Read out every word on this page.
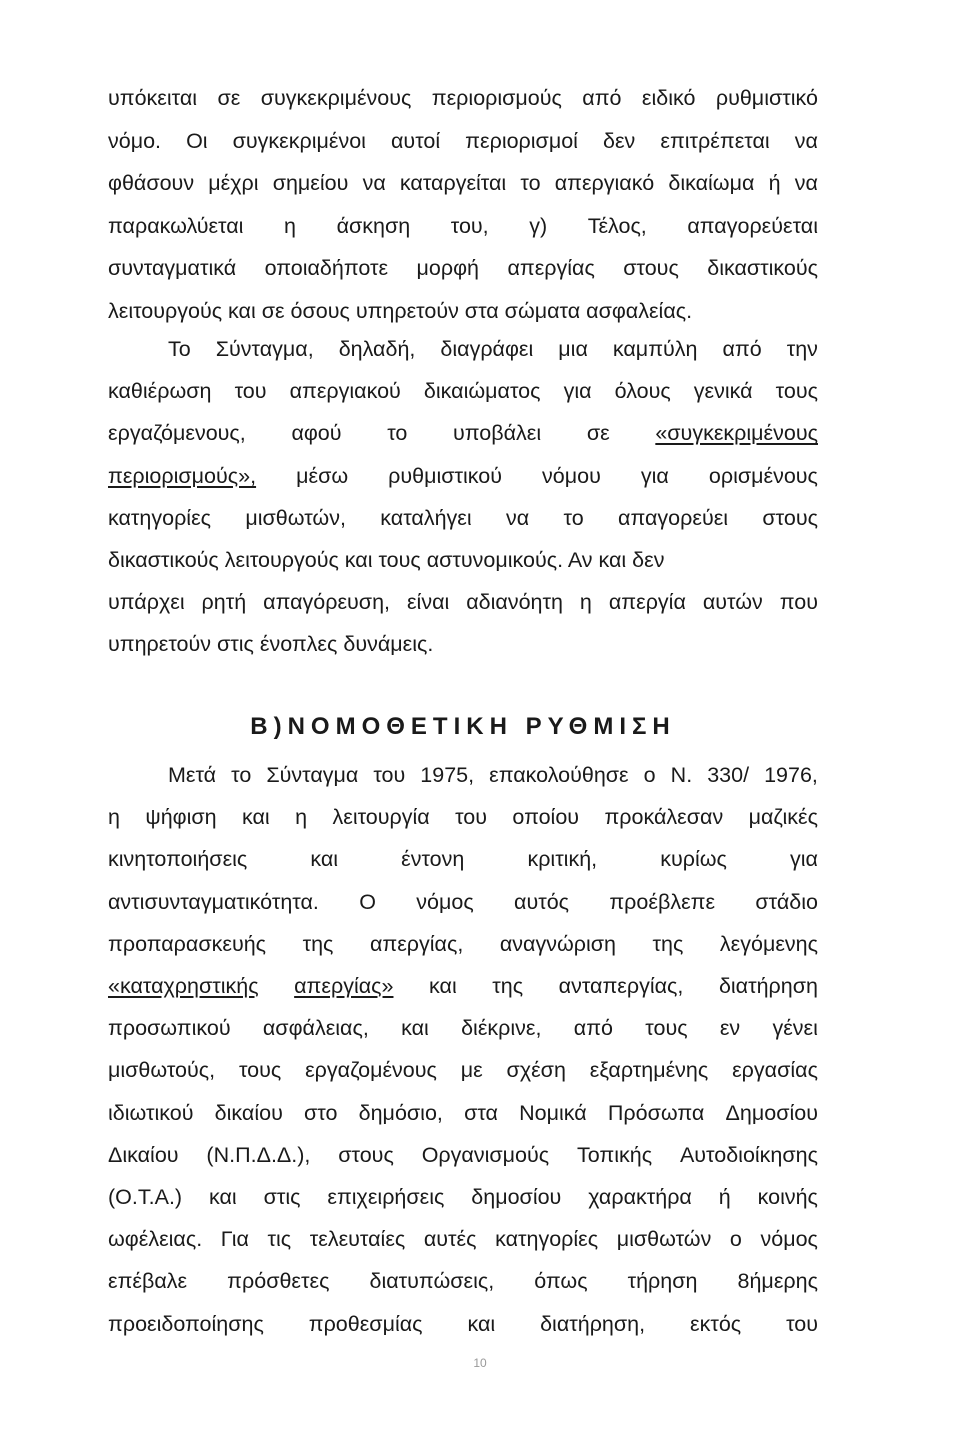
υπόκειται σε συγκεκριμένους περιορισμούς από ειδικό ρυθμιστικό
νόμο. Οι συγκεκριμένοι αυτοί περιορισμοί δεν επιτρέπεται να
φθάσουν μέχρι σημείου να καταργείται το απεργιακό δικαίωμα ή να
παρακωλύεται η άσκηση του, γ) Τέλος, απαγορεύεται
συνταγματικά οποιαδήποτε μορφή απεργίας στους δικαστικούς
λειτουργούς και σε όσους υπηρετούν στα σώματα ασφαλείας.
Το Σύνταγμα, δηλαδή, διαγράφει μια καμπύλη από την
καθιέρωση του απεργιακού δικαιώματος για όλους γενικά τους
εργαζόμενους, αφού το υποβάλει σε «συγκεκριμένους
περιορισμούς», μέσω ρυθμιστικού νόμου για ορισμένους
κατηγορίες μισθωτών, καταλήγει να το απαγορεύει στους
δικαστικούς λειτουργούς και τους αστυνομικούς. Αν και δεν
υπάρχει ρητή απαγόρευση, είναι αδιανόητη η απεργία αυτών που
υπηρετούν στις ένοπλες δυνάμεις.
Β)ΝΟΜΟΘΕΤΙΚΗ ΡΥΘΜΙΣΗ
Μετά το Σύνταγμα του 1975, επακολούθησε ο Ν. 330/ 1976,
η ψήφιση και η λειτουργία του οποίου προκάλεσαν μαζικές
κινητοποιήσεις	και	έντονη	κριτική,	κυρίως	για
αντισυνταγματικότητα. Ο νόμος αυτός προέβλεπε στάδιο
προπαρασκευής της απεργίας, αναγνώριση της λεγόμενης
«καταχρηστικής απεργίας» και της ανταπεργίας, διατήρηση
προσωπικού ασφάλειας, και διέκρινε, από τους εν γένει
μισθωτούς, τους εργαζομένους με σχέση εξαρτημένης εργασίας
ιδιωτικού δικαίου στο δημόσιο, στα Νομικά Πρόσωπα Δημοσίου
Δικαίου (Ν.Π.Δ.Δ.), στους Οργανισμούς Τοπικής Αυτοδιοίκησης
(Ο.Τ.Α.) και στις επιχειρήσεις δημοσίου χαρακτήρα ή κοινής
ωφέλειας. Για τις τελευταίες αυτές κατηγορίες μισθωτών ο νόμος
επέβαλε πρόσθετες διατυπώσεις, όπως τήρηση 8ήμερης
προειδοποίησης προθεσμίας και διατήρηση, εκτός του
10
